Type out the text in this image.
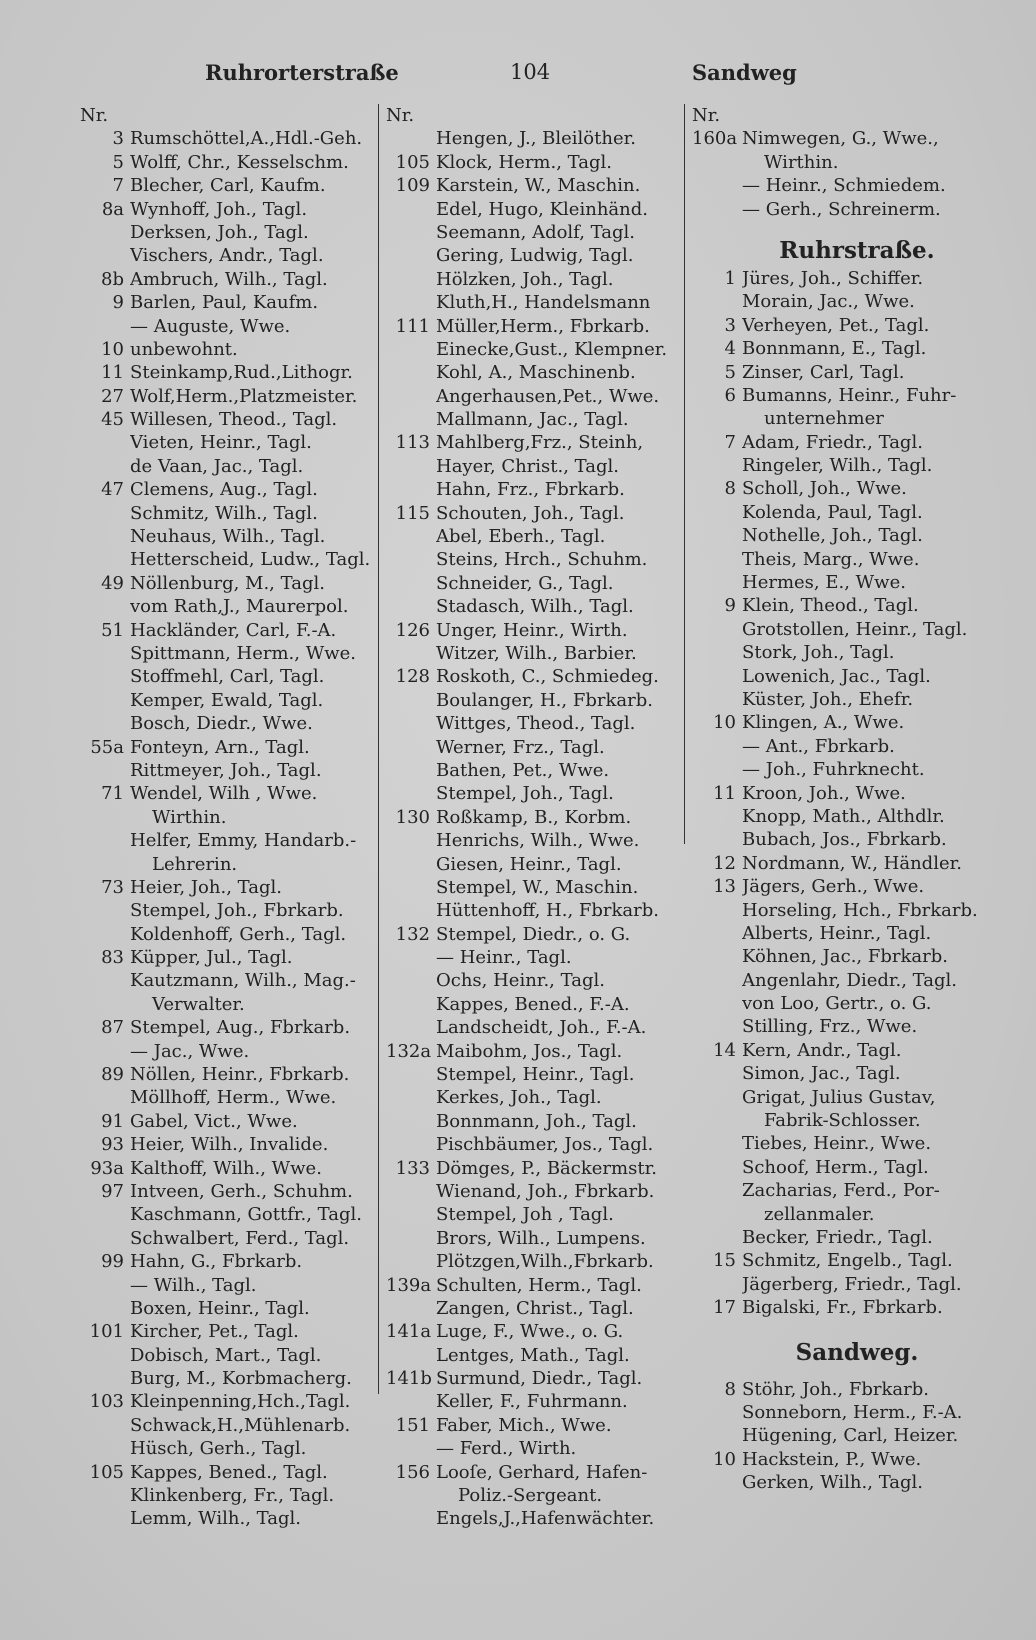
Ruhrorterstraße	104	Sandweg
Nr.
3 Rumschöttel,A.,Hdl.-Geh.
5 Wolff, Chr., Kesselschm.
7 Blecher, Carl, Kaufm.
8a Wynhoff, Joh., Tagl.
Derksen, Joh., Tagl.
Vischers, Andr., Tagl.
8b Ambruch, Wilh., Tagl.
9 Barlen, Paul, Kaufm.
— Auguste, Wwe.
10 unbewohnt.
11 Steinkamp,Rud.,Lithogr.
27 Wolf,Herm.,Platzmeister.
45 Willesen, Theod., Tagl.
Vieten, Heinr., Tagl.
de Vaan, Jac., Tagl.
47 Clemens, Aug., Tagl.
Schmitz, Wilh., Tagl.
Neuhaus, Wilh., Tagl.
Hetterscheid, Ludw., Tagl.
49 Nöllenburg, M., Tagl.
vom Rath,J., Maurerpol.
51 Hackländer, Carl, F.-A.
Spittmann, Herm., Wwe.
Stoffmehl, Carl, Tagl.
Kemper, Ewald, Tagl.
Bosch, Diedr., Wwe.
55a Fonteyn, Arn., Tagl.
Rittmeyer, Joh., Tagl.
71 Wendel, Wilh , Wwe.
Wirthin.
Helfer, Emmy, Handarb.-
Lehrerin.
73 Heier, Joh., Tagl.
Stempel, Joh., Fbrkarb.
Koldenhoff, Gerh., Tagl.
83 Küpper, Jul., Tagl.
Kautzmann, Wilh., Mag.-
Verwalter.
87 Stempel, Aug., Fbrkarb.
— Jac., Wwe.
89 Nöllen, Heinr., Fbrkarb.
Möllhoff, Herm., Wwe.
91 Gabel, Vict., Wwe.
93 Heier, Wilh., Invalide.
93a Kalthoff, Wilh., Wwe.
97 Intveen, Gerh., Schuhm.
Kaschmann, Gottfr., Tagl.
Schwalbert, Ferd., Tagl.
99 Hahn, G., Fbrkarb.
— Wilh., Tagl.
Boxen, Heinr., Tagl.
101 Kircher, Pet., Tagl.
Dobisch, Mart., Tagl.
Burg, M., Korbmacherg.
103 Kleinpenning,Hch.,Tagl.
Schwack,H.,Mühlenarb.
Hüsch, Gerh., Tagl.
105 Kappes, Bened., Tagl.
Klinkenberg, Fr., Tagl.
Lemm, Wilh., Tagl.
Nr.
Hengen, J., Bleilöther.
105 Klock, Herm., Tagl.
109 Karstein, W., Maschin.
Edel, Hugo, Kleinhänd.
Seemann, Adolf, Tagl.
Gering, Ludwig, Tagl.
Hölzken, Joh., Tagl.
Kluth,H., Handelsmann
111 Müller,Herm., Fbrkarb.
Einecke,Gust., Klempner.
Kohl, A., Maschinenb.
Angerhausen,Pet., Wwe.
Mallmann, Jac., Tagl.
113 Mahlberg,Frz., Steinh,
Hayer, Christ., Tagl.
Hahn, Frz., Fbrkarb.
115 Schouten, Joh., Tagl.
Abel, Eberh., Tagl.
Steins, Hrch., Schuhm.
Schneider, G., Tagl.
Stadasch, Wilh., Tagl.
126 Unger, Heinr., Wirth.
Witzer, Wilh., Barbier.
128 Roskoth, C., Schmiedeg.
Boulanger, H., Fbrkarb.
Wittges, Theod., Tagl.
Werner, Frz., Tagl.
Bathen, Pet., Wwe.
Stempel, Joh., Tagl.
130 Roßkamp, B., Korbm.
Henrichs, Wilh., Wwe.
Giesen, Heinr., Tagl.
Stempel, W., Maschin.
Hüttenhoff, H., Fbrkarb.
132 Stempel, Diedr., o. G.
— Heinr., Tagl.
Ochs, Heinr., Tagl.
Kappes, Bened., F.-A.
Landscheidt, Joh., F.-A.
132a Maibohm, Jos., Tagl.
Stempel, Heinr., Tagl.
Kerkes, Joh., Tagl.
Bonnmann, Joh., Tagl.
Pischbäumer, Jos., Tagl.
133 Dömges, P., Bäckermstr.
Wienand, Joh., Fbrkarb.
Stempel, Joh , Tagl.
Brors, Wilh., Lumpens.
Plötzgen,Wilh.,Fbrkarb.
139a Schulten, Herm., Tagl.
Zangen, Christ., Tagl.
141a Luge, F., Wwe., o. G.
Lentges, Math., Tagl.
141b Surmund, Diedr., Tagl.
Keller, F., Fuhrmann.
151 Faber, Mich., Wwe.
— Ferd., Wirth.
156 Looſe, Gerhard, Hafen-
Poliz.-Sergeant.
Engels,J.,Hafenwächter.
Nr.
160a Nimwegen, G., Wwe.,
Wirthin.
— Heinr., Schmiedem.
— Gerh., Schreinerm.
Ruhrstraße.
1 Jüres, Joh., Schiffer.
Morain, Jac., Wwe.
3 Verheyen, Pet., Tagl.
4 Bonnmann, E., Tagl.
5 Zinser, Carl, Tagl.
6 Bumanns, Heinr., Fuhr-
unternehmer
7 Adam, Friedr., Tagl.
Ringeler, Wilh., Tagl.
8 Scholl, Joh., Wwe.
Kolenda, Paul, Tagl.
Nothelle, Joh., Tagl.
Theis, Marg., Wwe.
Hermes, E., Wwe.
9 Klein, Theod., Tagl.
Grotstollen, Heinr., Tagl.
Stork, Joh., Tagl.
Lowenich, Jac., Tagl.
Küster, Joh., Ehefr.
10 Klingen, A., Wwe.
— Ant., Fbrkarb.
— Joh., Fuhrknecht.
11 Kroon, Joh., Wwe.
Knopp, Math., Althdlr.
Bubach, Jos., Fbrkarb.
12 Nordmann, W., Händler.
13 Jägers, Gerh., Wwe.
Horseling, Hch., Fbrkarb.
Alberts, Heinr., Tagl.
Köhnen, Jac., Fbrkarb.
Angenlahr, Diedr., Tagl.
von Loo, Gertr., o. G.
Stilling, Frz., Wwe.
14 Kern, Andr., Tagl.
Simon, Jac., Tagl.
Grigat, Julius Gustav,
Fabrik-Schlosser.
Tiebes, Heinr., Wwe.
Schoof, Herm., Tagl.
Zacharias, Ferd., Por-
zellanmaler.
Becker, Friedr., Tagl.
15 Schmitz, Engelb., Tagl.
Jägerberg, Friedr., Tagl.
17 Bigalski, Fr., Fbrkarb.
Sandweg.
8 Stöhr, Joh., Fbrkarb.
Sonneborn, Herm., F.-A.
Hügening, Carl, Heizer.
10 Hackstein, P., Wwe.
Gerken, Wilh., Tagl.
